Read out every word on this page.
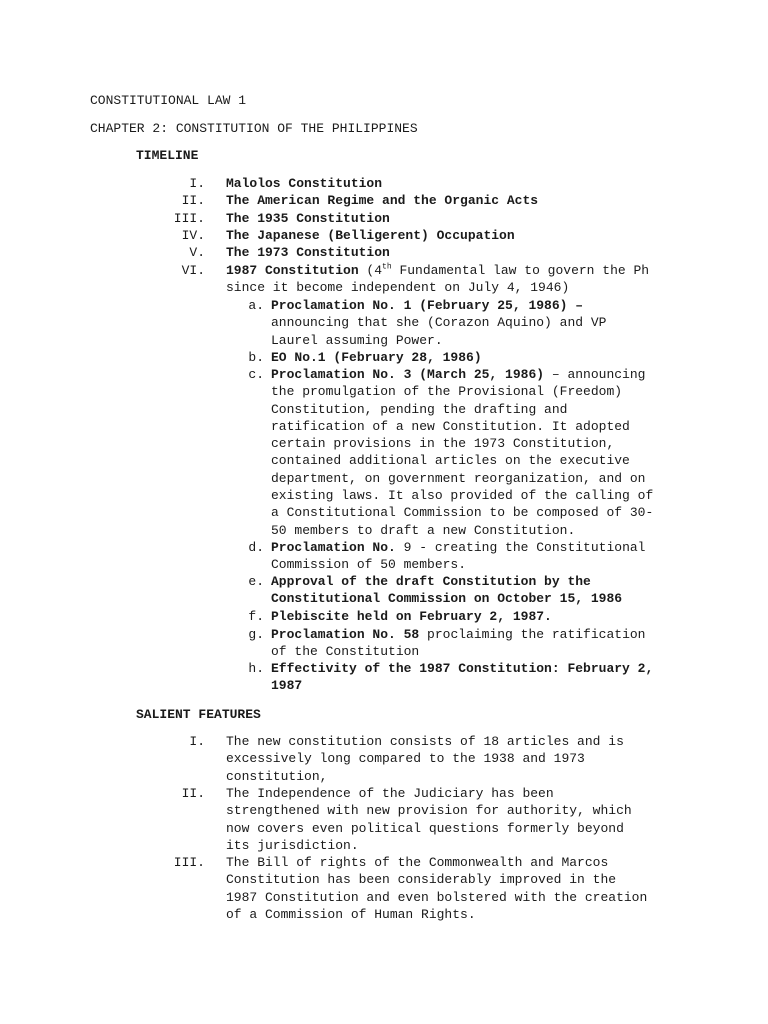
CONSTITUTIONAL LAW 1
CHAPTER 2: CONSTITUTION OF THE PHILIPPINES
TIMELINE
I. Malolos Constitution
II. The American Regime and the Organic Acts
III. The 1935 Constitution
IV. The Japanese (Belligerent) Occupation
V. The 1973 Constitution
VI. 1987 Constitution (4th Fundamental law to govern the Ph
since it become independent on July 4, 1946)
a. Proclamation No. 1 (February 25, 1986) –
announcing that she (Corazon Aquino) and VP
Laurel assuming Power.
b. EO No.1 (February 28, 1986)
c. Proclamation No. 3 (March 25, 1986) – announcing
the promulgation of the Provisional (Freedom)
Constitution, pending the drafting and
ratification of a new Constitution. It adopted
certain provisions in the 1973 Constitution,
contained additional articles on the executive
department, on government reorganization, and on
existing laws. It also provided of the calling of
a Constitutional Commission to be composed of 30-
50 members to draft a new Constitution.
d. Proclamation No. 9 - creating the Constitutional
Commission of 50 members.
e. Approval of the draft Constitution by the
Constitutional Commission on October 15, 1986
f. Plebiscite held on February 2, 1987.
g. Proclamation No. 58 proclaiming the ratification
of the Constitution
h. Effectivity of the 1987 Constitution: February 2,
1987
SALIENT FEATURES
I. The new constitution consists of 18 articles and is
excessively long compared to the 1938 and 1973
constitution,
II. The Independence of the Judiciary has been
strengthened with new provision for authority, which
now covers even political questions formerly beyond
its jurisdiction.
III. The Bill of rights of the Commonwealth and Marcos
Constitution has been considerably improved in the
1987 Constitution and even bolstered with the creation
of a Commission of Human Rights.
